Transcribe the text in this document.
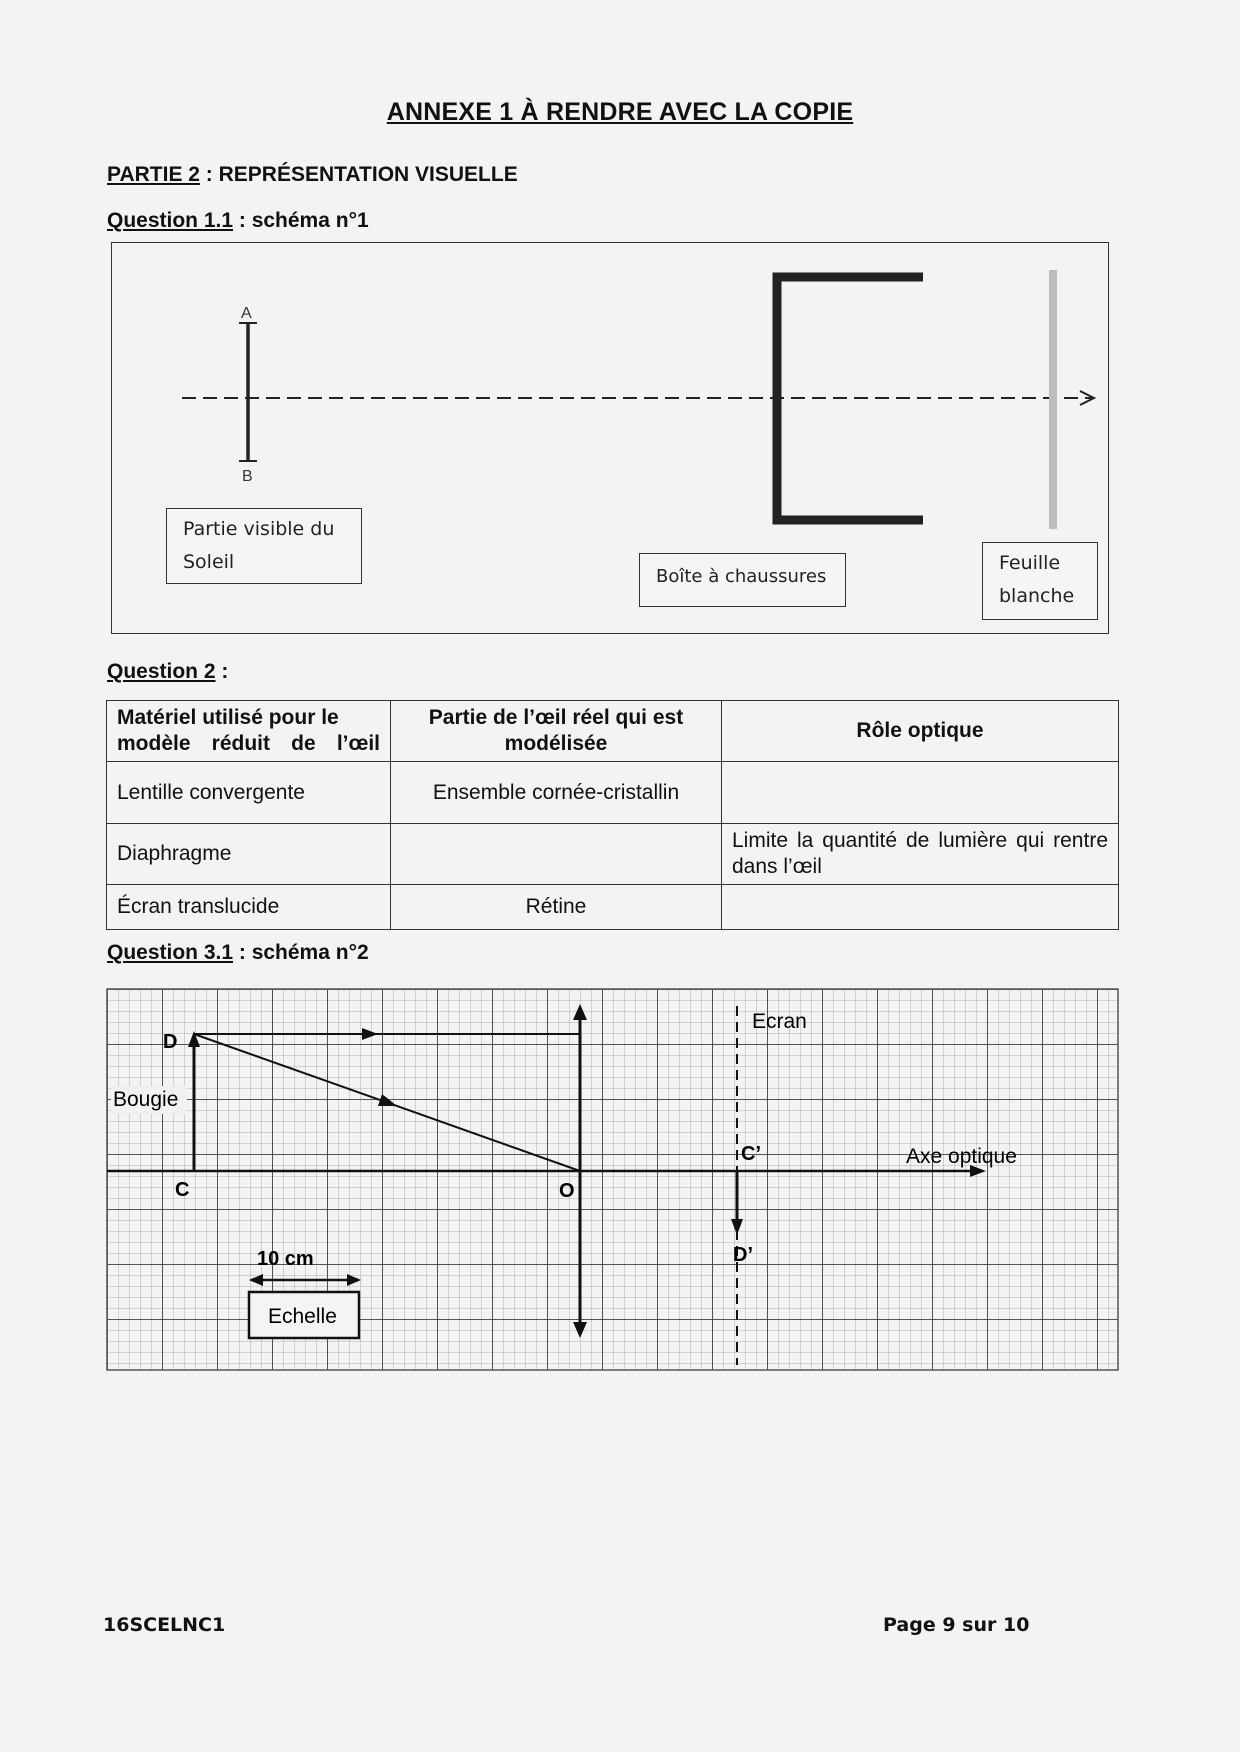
ANNEXE 1 À RENDRE AVEC LA COPIE
PARTIE 2 : REPRÉSENTATION VISUELLE
Question 1.1 : schéma n°1
A
B
Partie visible du
Soleil
Boîte à chaussures
Feuille
blanche
Question 2 :
Matériel utilisé pour le modèle réduit de l’œil	Partie de l’œil réel qui est modélisée	Rôle optique
Lentille convergente	Ensemble cornée-cristallin	
Diaphragme		Limite la quantité de lumière qui rentre dans l’œil
Écran translucide	Rétine	
Question 3.1 : schéma n°2
D
Bougie
C	O
Ecran
C’
D’
Axe optique
10 cm
Echelle
16SCELNC1	Page 9 sur 10
